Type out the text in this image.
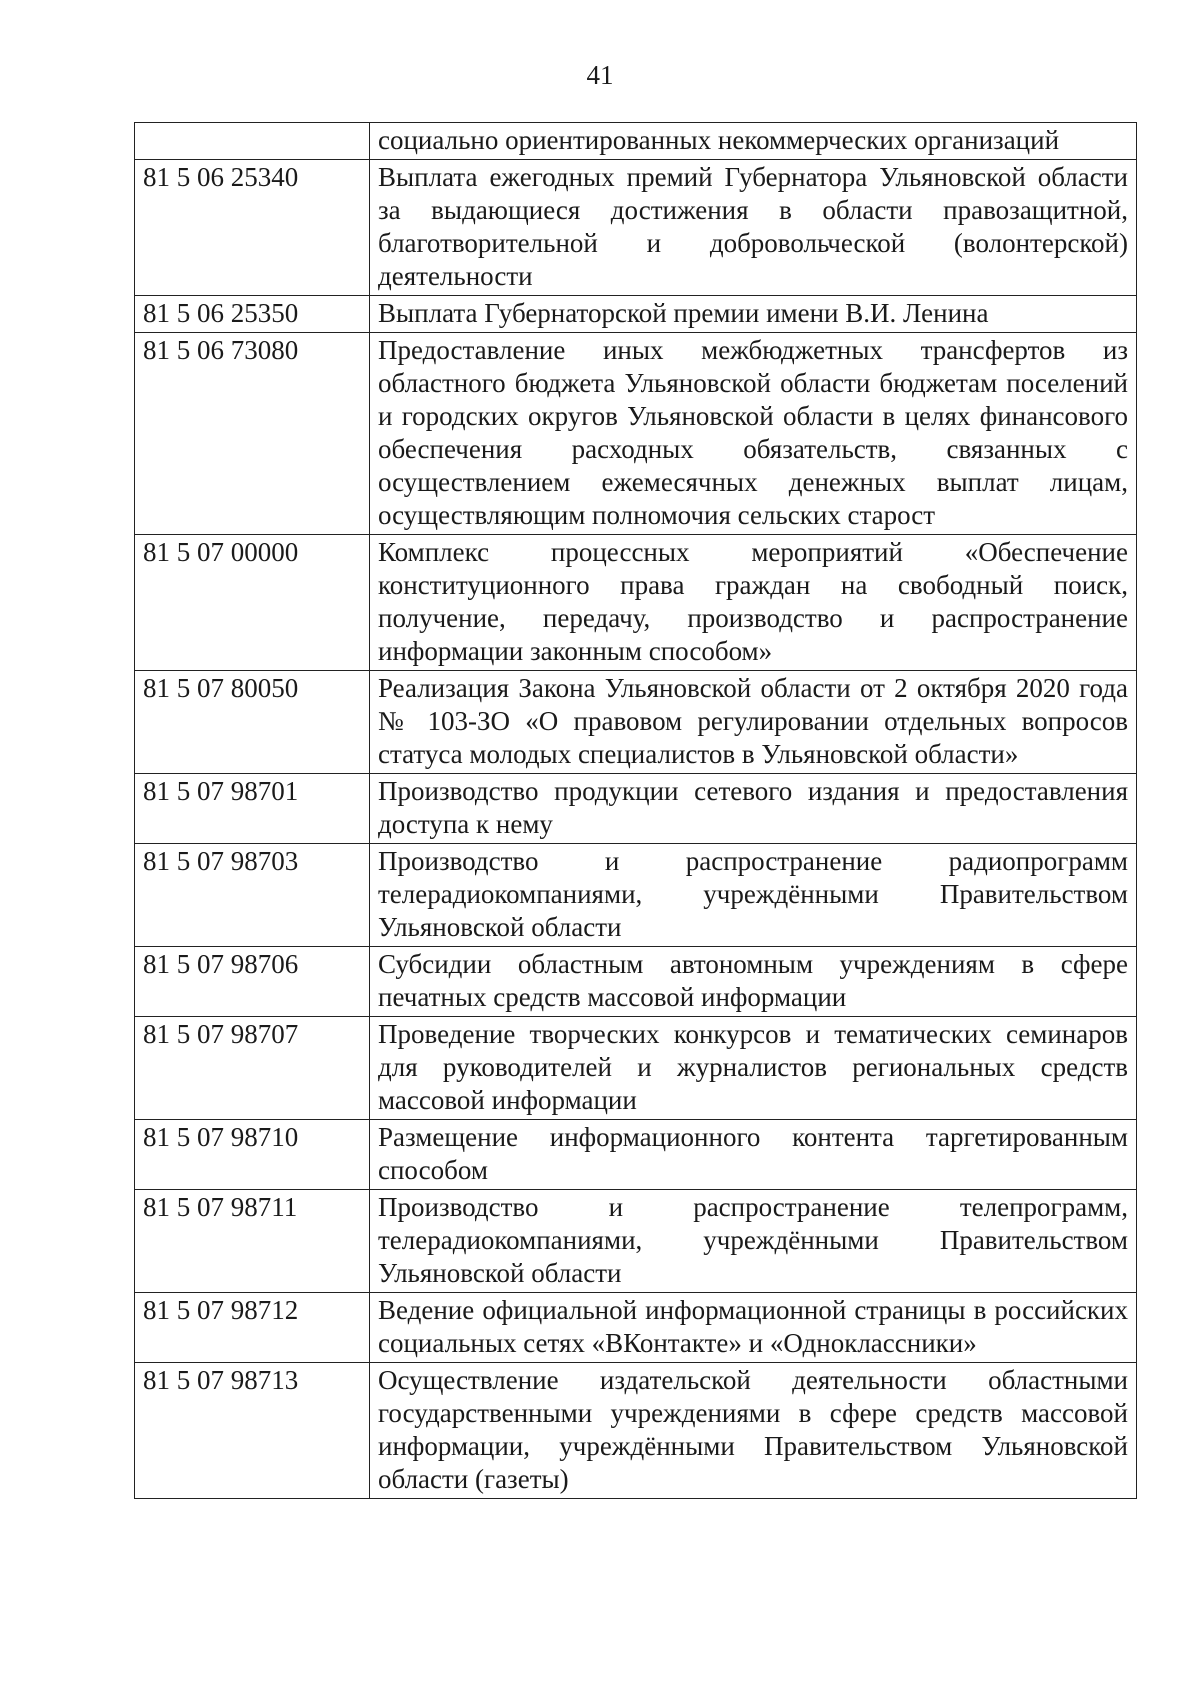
41
	социально ориентированных некоммерческих организаций
81 5 06 25340	Выплата ежегодных премий Губернатора Ульяновской области за выдающиеся достижения в области правозащитной, благотворительной и добровольческой (волонтерской) деятельности
81 5 06 25350	Выплата Губернаторской премии имени В.И. Ленина
81 5 06 73080	Предоставление иных межбюджетных трансфертов из областного бюджета Ульяновской области бюджетам поселений и городских округов Ульяновской области в целях финансового обеспечения расходных обязательств, связанных с осуществлением ежемесячных денежных выплат лицам, осуществляющим полномочия сельских старост
81 5 07 00000	Комплекс процессных мероприятий «Обеспечение конституционного права граждан на свободный поиск, получение, передачу, производство и распространение информации законным способом»
81 5 07 80050	Реализация Закона Ульяновской области от 2 октября 2020 года № 103-ЗО «О правовом регулировании отдельных вопросов статуса молодых специалистов в Ульяновской области»
81 5 07 98701	Производство продукции сетевого издания и предоставления доступа к нему
81 5 07 98703	Производство и распространение радиопрограмм телерадиокомпаниями, учреждёнными Правительством Ульяновской области
81 5 07 98706	Субсидии областным автономным учреждениям в сфере печатных средств массовой информации
81 5 07 98707	Проведение творческих конкурсов и тематических семинаров для руководителей и журналистов региональных средств массовой информации
81 5 07 98710	Размещение информационного контента таргетированным способом
81 5 07 98711	Производство и распространение телепрограмм, телерадиокомпаниями, учреждёнными Правительством Ульяновской области
81 5 07 98712	Ведение официальной информационной страницы в российских социальных сетях «ВКонтакте» и «Одноклассники»
81 5 07 98713	Осуществление издательской деятельности областными государственными учреждениями в сфере средств массовой информации, учреждёнными Правительством Ульяновской области (газеты)
